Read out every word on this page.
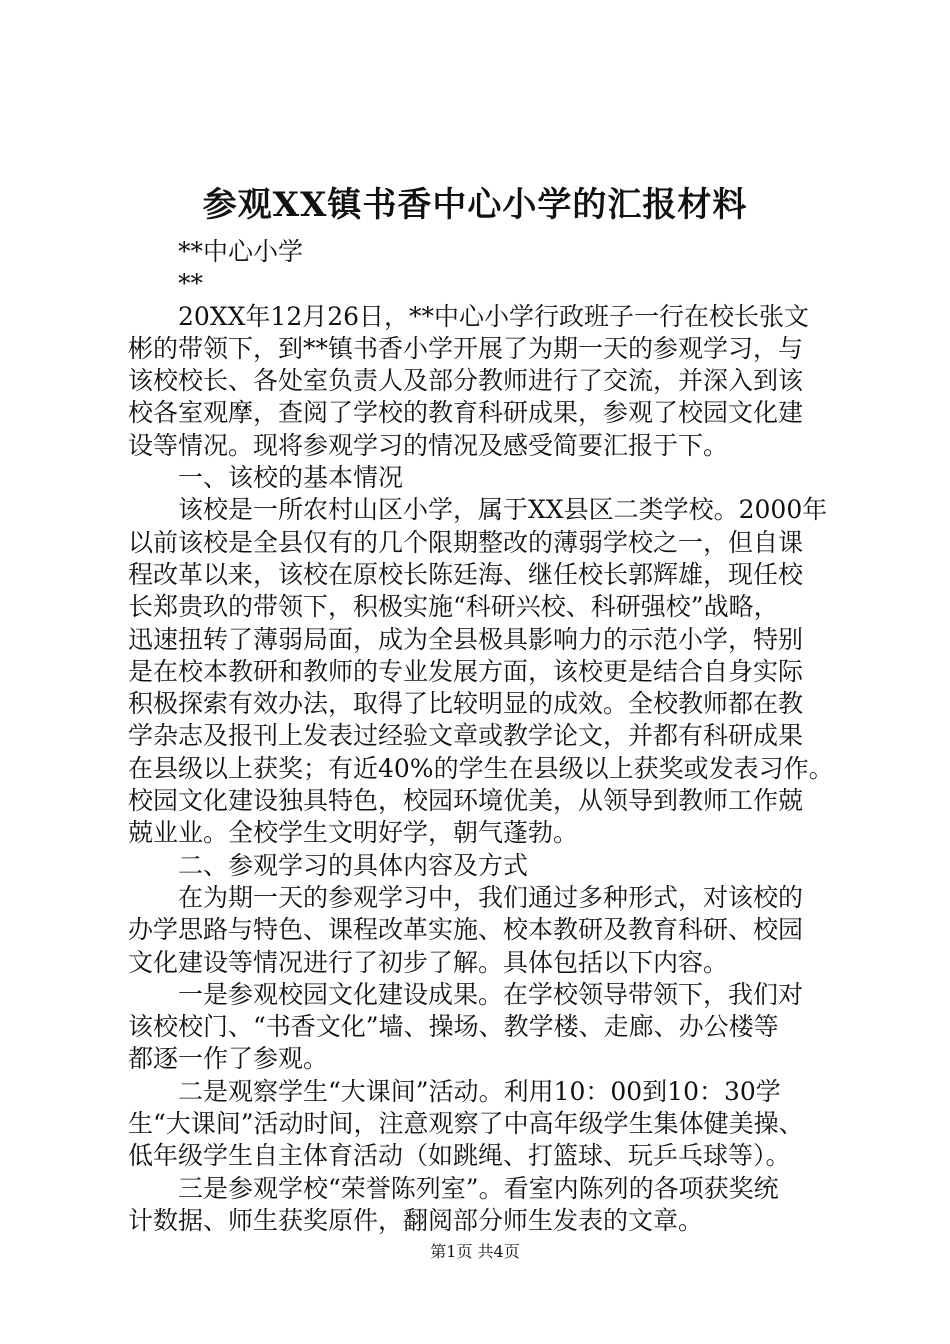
参观XX镇书香中心小学的汇报材料
**中心小学
**
20XX年12月26日，**中心小学行政班子一行在校长张文
彬的带领下，到**镇书香小学开展了为期一天的参观学习，与
该校校长、各处室负责人及部分教师进行了交流，并深入到该
校各室观摩，查阅了学校的教育科研成果，参观了校园文化建
设等情况。现将参观学习的情况及感受简要汇报于下。
一、该校的基本情况
该校是一所农村山区小学，属于XX县区二类学校。2000年
以前该校是全县仅有的几个限期整改的薄弱学校之一，但自课
程改革以来，该校在原校长陈廷海、继任校长郭辉雄，现任校
长郑贵玖的带领下，积极实施“科研兴校、科研强校”战略，
迅速扭转了薄弱局面，成为全县极具影响力的示范小学，特别
是在校本教研和教师的专业发展方面，该校更是结合自身实际
积极探索有效办法，取得了比较明显的成效。全校教师都在教
学杂志及报刊上发表过经验文章或教学论文，并都有科研成果
在县级以上获奖；有近40%的学生在县级以上获奖或发表习作。
校园文化建设独具特色，校园环境优美，从领导到教师工作兢
兢业业。全校学生文明好学，朝气蓬勃。
二、参观学习的具体内容及方式
在为期一天的参观学习中，我们通过多种形式，对该校的
办学思路与特色、课程改革实施、校本教研及教育科研、校园
文化建设等情况进行了初步了解。具体包括以下内容。
一是参观校园文化建设成果。在学校领导带领下，我们对
该校校门、“书香文化”墙、操场、教学楼、走廊、办公楼等
都逐一作了参观。
二是观察学生“大课间”活动。利用10：00到10：30学
生“大课间”活动时间，注意观察了中高年级学生集体健美操、
低年级学生自主体育活动（如跳绳、打篮球、玩乒乓球等）。
三是参观学校“荣誉陈列室”。看室内陈列的各项获奖统
计数据、师生获奖原件，翻阅部分师生发表的文章。
第1页 共4页
